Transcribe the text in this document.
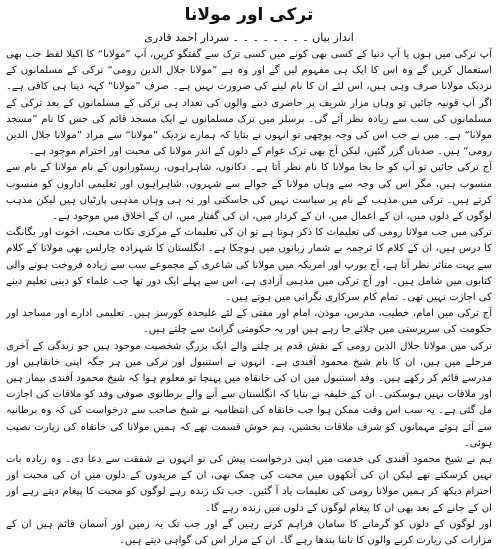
ترکی اور مولانا
انداز بیاں ۔ ۔ ۔ ۔ ۔ ۔ ۔ ۔ سردار احمد قادری

آپ ترکی میں ہوں یا آپ دنیا کے کسی بھی کونے میں کسی ترک سے گفتگو کریں، آپ ”مولانا“ کا اکیلا لفظ جب بھی استعمال کریں گے وہ اس کا ایک ہی مفہوم لیں گے اور وہ ہے ”مولانا جلال الدین رومی“ ترکی کے مسلمانوں کے نزدیک مولانا صرف وہی ہیں، اس لئے ان کا نام لینے کی ضرورت نہیں ہے۔ صرف ”مولانا“ کہہ دینا ہی کافی ہے۔ اگر آپ قونیہ جائیں تو وہاں مزار شریف پر حاضری دینے والوں کی تعداد ہی ترکی کے مسلمانوں کے بعد ترکی کے مسلمانوں کی سب سے زیادہ نظر آئے گی۔ برسلز میں ترک مسلمانوں نے ایک مسجد قائم کی جس کا نام ”مسجد مولانا“ ہے۔ میں نے جب اس کی وجہ پوچھی تو انہوں نے بتایا کہ ہمارے نزدیک ”مولانا“ سے مراد ”مولانا جلال الدین رومی“ ہیں۔ صدیاں گزر گئیں، لیکن آج بھی ترک عوام کے دلوں کے اندر مولانا کی محبت اور احترام موجود ہے۔

آج ترکی جائیں تو آپ کو جا بجا مولانا کا نام نظر آتا ہے۔ دکانوں، شاہراہوں، ریسٹورانوں کے نام مولانا کے نام سے منسوب ہیں، مگر اس کی وجہ سے وہاں مولانا کے حوالے سے شہروں، شاہراہوں اور تعلیمی اداروں کو منسوب کرتے ہیں۔ ترکی میں مذہب کے نام پر سیاست نہیں کی جاسکتی اور نہ ہی وہاں مذہبی پارٹیاں ہیں لیکن مذہب لوگوں کے دلوں میں، ان کے اعمال میں، ان کے کردار میں، ان کی گفتار میں، ان کے اخلاق میں موجود ہے۔

ترکی میں جب مولانا رومی کی تعلیمات کا ذکر ہوتا ہے تو ان کی تعلیمات کے مرکزی نکات محبت، اخوت اور یگانگت کا درس ہیں، ان کے کلام کا ترجمہ بے شمار زبانوں میں ہوچکا ہے۔ انگلستان کا شہزادہ چارلس بھی مولانا کے کلام سے بہت متاثر نظر آتا ہے، آج یورپ اور امریکہ میں مولانا کی شاعری کے مجموعے سب سے زیادہ فروخت ہونے والی کتابوں میں شامل ہیں۔ اور آج ترکی میں مذہبی آزادی ہے، اس سے پہلے ایک دور تھا جب علماء کو دینی تعلیم دینے کی اجازت نہیں تھی۔ تمام کام سرکاری نگرانی میں ہوتے ہیں۔

آج ترکی میں امام، خطیب، مدرس، موذن، امام اور مفتی کے لئے علیحدہ کورسز ہیں۔ تعلیمی ادارے اور مساجد اور حکومت کی سرپرستی میں چلائے جا رہے ہیں اور یہ حکومتی گرانٹ سے چلتے ہیں۔

ترکی میں مولانا جلال الدین رومی کے نقش قدم پر چلنے والے ایک بزرگ شخصیت موجود ہیں جو زندگی کے آخری مرحلے میں ہیں، ان کا نام شیخ محمود آفندی ہے۔ انہوں نے استنبول اور ترکی میں ہر جگہ اپنی خانقاہیں اور مدرسے قائم کر رکھے ہیں۔ وفد استنبول میں ان کی خانقاہ میں پہنچا تو معلوم ہوا کہ شیخ محمود آفندی بیمار ہیں اور ملاقات نہیں ہوسکتی۔ ان کے خلیفہ نے بتایا کہ انگلستان سے آنے والے برطانوی صوفی وفد کو ملاقات کی اجازت مل گئی ہے۔ یہ سب اس وقت ممکن ہوا جب خانقاہ کی انتظامیہ نے شیخ صاحب سے درخواست کی کہ وہ برطانیہ سے آئے ہوئے مہمانوں کو شرف ملاقات بخشیں، ہم خوش قسمت تھے کہ ہمیں مولانا کی خانقاہ کی زیارت نصیب ہوئی۔

ہم نے شیخ محمود آفندی کی خدمت میں اپنی درخواست پیش کی تو انہوں نے شفقت سے دعا دی۔ وہ زیادہ بات نہیں کرسکتے تھے لیکن ان کی آنکھوں میں محبت کی چمک تھی، ان کے مریدوں کے دلوں میں ان کی محبت اور احترام دیکھ کر ہمیں مولانا رومی کی تعلیمات یاد آ گئیں۔ جب تک زندہ رہے لوگوں کو محبت کا پیغام دیتے رہے اور ان کے جانے کے بعد بھی ان کا پیغام لوگوں کے دلوں میں زندہ رہے گا۔

اور لوگوں کے دلوں کو گرمانے کا سامان فراہم کرتے رہیں گے اور جب تک یہ زمین اور آسمان قائم ہیں ان کے مزارات کی زیارت کرنے والوں کا تانتا بندھا رہے گا۔ ان کے مزار اس کی گواہی دیتے ہیں۔
